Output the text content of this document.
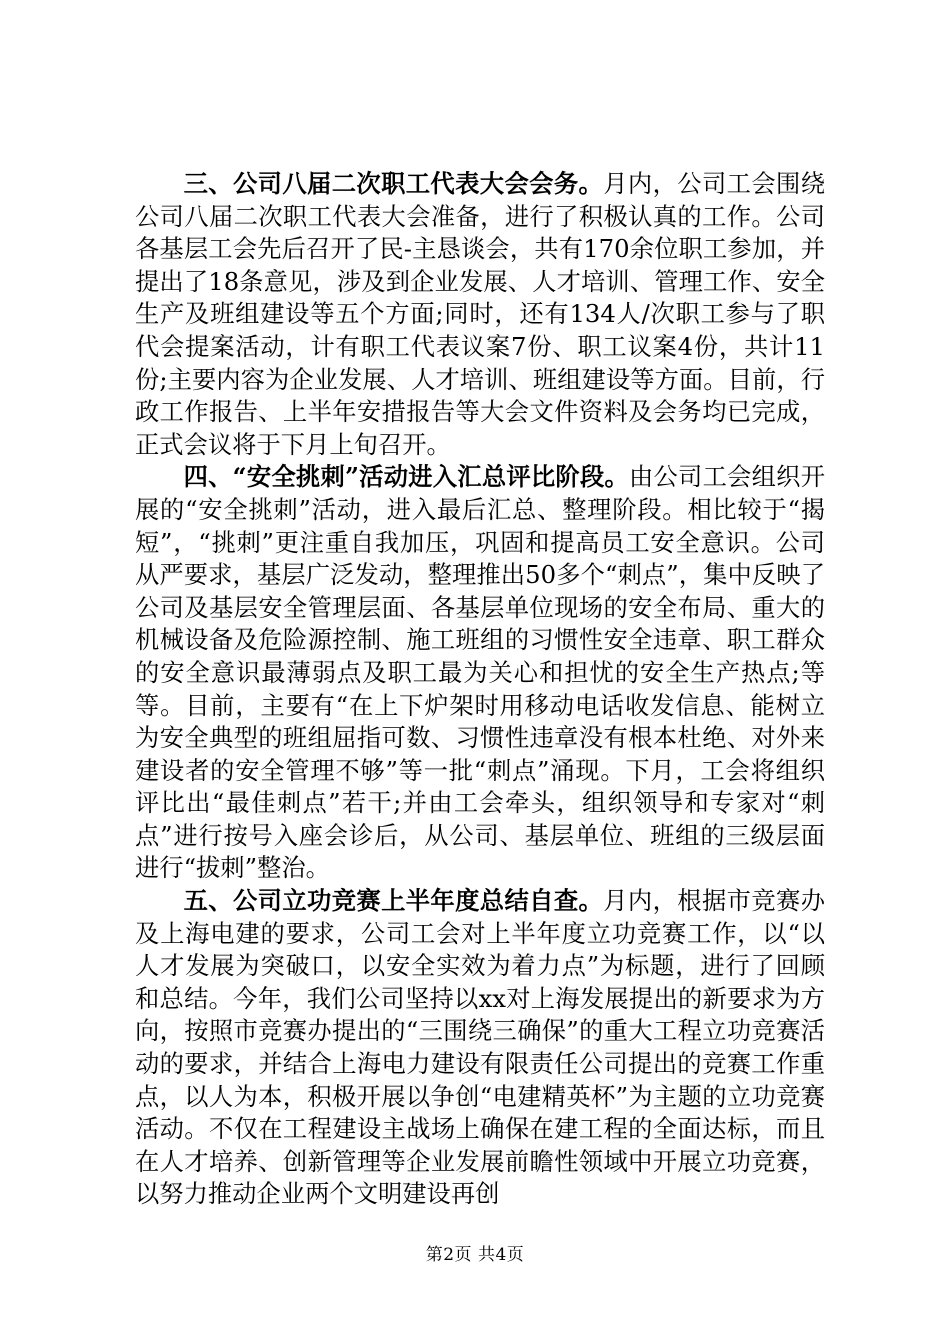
三、公司八届二次职工代表大会会务。月内，公司工会围绕公司八届二次职工代表大会准备，进行了积极认真的工作。公司各基层工会先后召开了民-主恳谈会，共有170余位职工参加，并提出了18条意见，涉及到企业发展、人才培训、管理工作、安全生产及班组建设等五个方面;同时，还有134人/次职工参与了职代会提案活动，计有职工代表议案7份、职工议案4份，共计11份;主要内容为企业发展、人才培训、班组建设等方面。目前，行政工作报告、上半年安措报告等大会文件资料及会务均已完成，正式会议将于下月上旬召开。

四、“安全挑刺”活动进入汇总评比阶段。由公司工会组织开展的“安全挑刺”活动，进入最后汇总、整理阶段。相比较于“揭短”，“挑刺”更注重自我加压，巩固和提高员工安全意识。公司从严要求，基层广泛发动，整理推出50多个“刺点”，集中反映了公司及基层安全管理层面、各基层单位现场的安全布局、重大的机械设备及危险源控制、施工班组的习惯性安全违章、职工群众的安全意识最薄弱点及职工最为关心和担忧的安全生产热点;等等。目前，主要有“在上下炉架时用移动电话收发信息、能树立为安全典型的班组屈指可数、习惯性违章没有根本杜绝、对外来建设者的安全管理不够”等一批“刺点”涌现。下月，工会将组织评比出“最佳刺点”若干;并由工会牵头，组织领导和专家对“刺点”进行按号入座会诊后，从公司、基层单位、班组的三级层面进行“拔刺”整治。

五、公司立功竞赛上半年度总结自查。月内，根据市竞赛办及上海电建的要求，公司工会对上半年度立功竞赛工作，以“以人才发展为突破口，以安全实效为着力点”为标题，进行了回顾和总结。今年，我们公司坚持以xx对上海发展提出的新要求为方向，按照市竞赛办提出的“三围绕三确保”的重大工程立功竞赛活动的要求，并结合上海电力建设有限责任公司提出的竞赛工作重点，以人为本，积极开展以争创“电建精英杯”为主题的立功竞赛活动。不仅在工程建设主战场上确保在建工程的全面达标，而且在人才培养、创新管理等企业发展前瞻性领域中开展立功竞赛，以努力推动企业两个文明建设再创

第2页 共4页
